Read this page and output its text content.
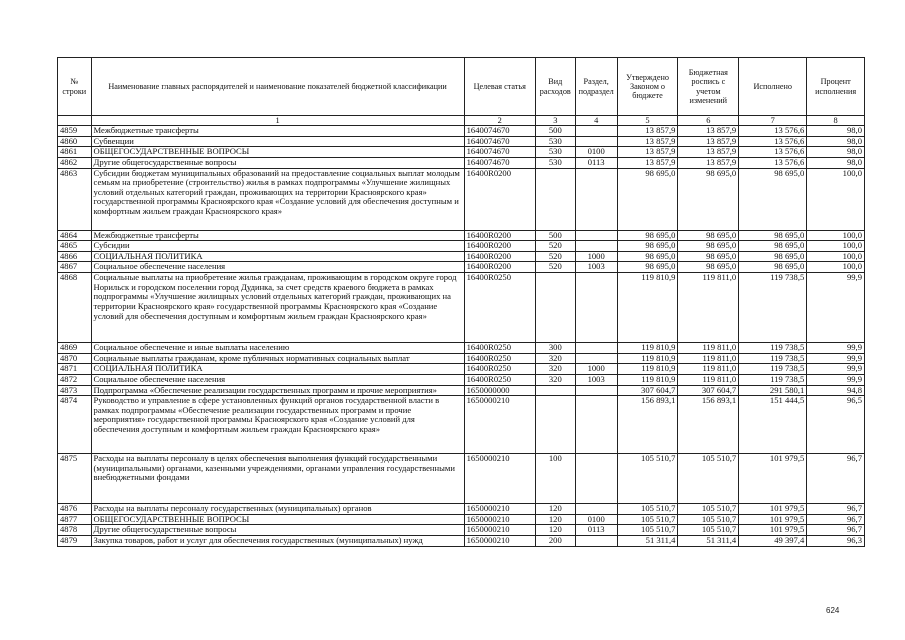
№ строки	Наименование главных распорядителей и наименование показателей бюджетной классификации	Целевая статья	Вид расходов	Раздел, подраздел	Утверждено Законом о бюджете	Бюджетная роспись с учетом изменений	Исполнено	Процент исполнения
	1	2	3	4	5	6	7	8
4859	Межбюджетные трансферты	1640074670	500		13 857,9	13 857,9	13 576,6	98,0
4860	Субвенции	1640074670	530		13 857,9	13 857,9	13 576,6	98,0
4861	ОБЩЕГОСУДАРСТВЕННЫЕ ВОПРОСЫ	1640074670	530	0100	13 857,9	13 857,9	13 576,6	98,0
4862	Другие общегосударственные вопросы	1640074670	530	0113	13 857,9	13 857,9	13 576,6	98,0
4863	Субсидии бюджетам муниципальных образований на предоставление социальных выплат молодым семьям на приобретение (строительство) жилья в рамках подпрограммы «Улучшение жилищных условий отдельных категорий граждан, проживающих на территории Красноярского края» государственной программы Красноярского края «Создание условий для обеспечения доступным и комфортным жильем граждан Красноярского края»	16400R0200			98 695,0	98 695,0	98 695,0	100,0
4864	Межбюджетные трансферты	16400R0200	500		98 695,0	98 695,0	98 695,0	100,0
4865	Субсидии	16400R0200	520		98 695,0	98 695,0	98 695,0	100,0
4866	СОЦИАЛЬНАЯ ПОЛИТИКА	16400R0200	520	1000	98 695,0	98 695,0	98 695,0	100,0
4867	Социальное обеспечение населения	16400R0200	520	1003	98 695,0	98 695,0	98 695,0	100,0
4868	Социальные выплаты на приобретение жилья гражданам, проживающим в городском округе город Норильск и городском поселении город Дудинка, за счет средств краевого бюджета в рамках подпрограммы «Улучшение жилищных условий отдельных категорий граждан, проживающих на территории Красноярского края» государственной программы Красноярского края «Создание условий для обеспечения доступным и комфортным жильем граждан Красноярского края»	16400R0250			119 810,9	119 811,0	119 738,5	99,9
4869	Социальное обеспечение и иные выплаты населению	16400R0250	300		119 810,9	119 811,0	119 738,5	99,9
4870	Социальные выплаты гражданам, кроме публичных нормативных социальных выплат	16400R0250	320		119 810,9	119 811,0	119 738,5	99,9
4871	СОЦИАЛЬНАЯ ПОЛИТИКА	16400R0250	320	1000	119 810,9	119 811,0	119 738,5	99,9
4872	Социальное обеспечение населения	16400R0250	320	1003	119 810,9	119 811,0	119 738,5	99,9
4873	Подпрограмма «Обеспечение реализации государственных программ и прочие мероприятия»	1650000000			307 604,7	307 604,7	291 580,1	94,8
4874	Руководство и управление в сфере установленных функций органов государственной власти в рамках подпрограммы «Обеспечение реализации государственных программ и прочие мероприятия» государственной программы Красноярского края «Создание условий для обеспечения доступным и комфортным жильем граждан Красноярского края»	1650000210			156 893,1	156 893,1	151 444,5	96,5
4875	Расходы на выплаты персоналу в целях обеспечения выполнения функций государственными (муниципальными) органами, казенными учреждениями, органами управления государственными внебюджетными фондами	1650000210	100		105 510,7	105 510,7	101 979,5	96,7
4876	Расходы на выплаты персоналу государственных (муниципальных) органов	1650000210	120		105 510,7	105 510,7	101 979,5	96,7
4877	ОБЩЕГОСУДАРСТВЕННЫЕ ВОПРОСЫ	1650000210	120	0100	105 510,7	105 510,7	101 979,5	96,7
4878	Другие общегосударственные вопросы	1650000210	120	0113	105 510,7	105 510,7	101 979,5	96,7
4879	Закупка товаров, работ и услуг для обеспечения государственных (муниципальных) нужд	1650000210	200		51 311,4	51 311,4	49 397,4	96,3
624
